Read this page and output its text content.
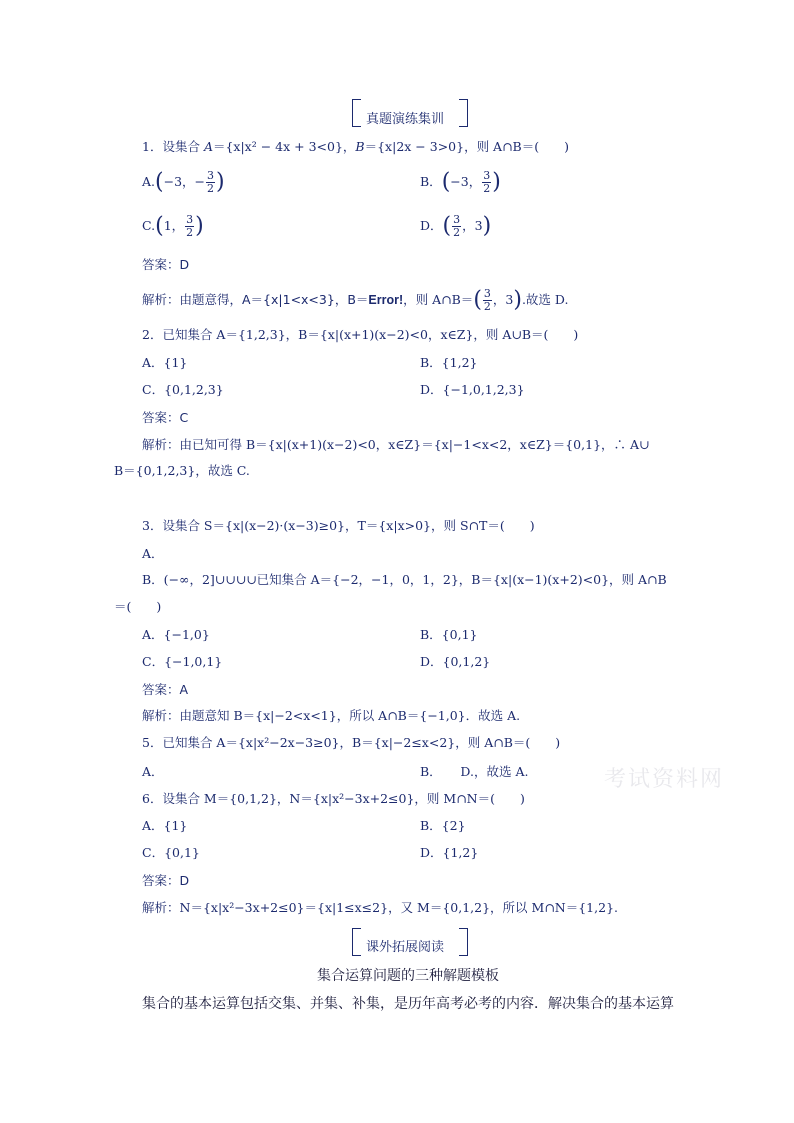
真题演练集训
1．设集合 A＝{x|x² − 4x + 3<0}，B＝{x|2x − 3>0}，则 A∩B＝(　　)
A.(−3，− $\frac{3}{2}$ )	B．(−3， $\frac{3}{2}$ )
C.(1， $\frac{3}{2}$ )	D．( $\frac{3}{2}$ ，3)
答案：D
解析：由题意得，A＝{x|1<x<3}，B＝Error!，则 A∩B＝( $\frac{3}{2}$ ，3).故选 D.
2．已知集合 A＝{1,2,3}，B＝{x|(x+1)(x−2)<0，x∈Z}，则 A∪B＝(　　)
A．{1}	B．{1,2}
C．{0,1,2,3}	D．{−1,0,1,2,3}
答案：C
解析：由已知可得 B＝{x|(x+1)(x−2)<0，x∈Z}＝{x|−1<x<2，x∈Z}＝{0,1}，∴ A∪
B＝{0,1,2,3}，故选 C.
3．设集合 S＝{x|(x−2)·(x−3)≥0}，T＝{x|x>0}，则 S∩T＝(　　)
A．
B．(−∞，2]∪∪∪∪已知集合 A＝{−2，−1，0，1，2}，B＝{x|(x−1)(x+2)<0}，则 A∩B
＝(　　)
A．{−1,0}	B．{0,1}
C．{−1,0,1}	D．{0,1,2}
答案：A
解析：由题意知 B＝{x|−2<x<1}，所以 A∩B＝{−1,0}．故选 A.
5．已知集合 A＝{x|x²−2x−3≥0}，B＝{x|−2≤x<2}，则 A∩B＝(　　)
A．	B．　　D.，故选 A.	考试资料网
6．设集合 M＝{0,1,2}，N＝{x|x²−3x+2≤0}，则 M∩N＝(　　)
A．{1}	B．{2}
C．{0,1}	D．{1,2}
答案：D
解析：N＝{x|x²−3x+2≤0}＝{x|1≤x≤2}，又 M＝{0,1,2}，所以 M∩N＝{1,2}.
课外拓展阅读
集合运算问题的三种解题模板
集合的基本运算包括交集、并集、补集，是历年高考必考的内容．解决集合的基本运算
